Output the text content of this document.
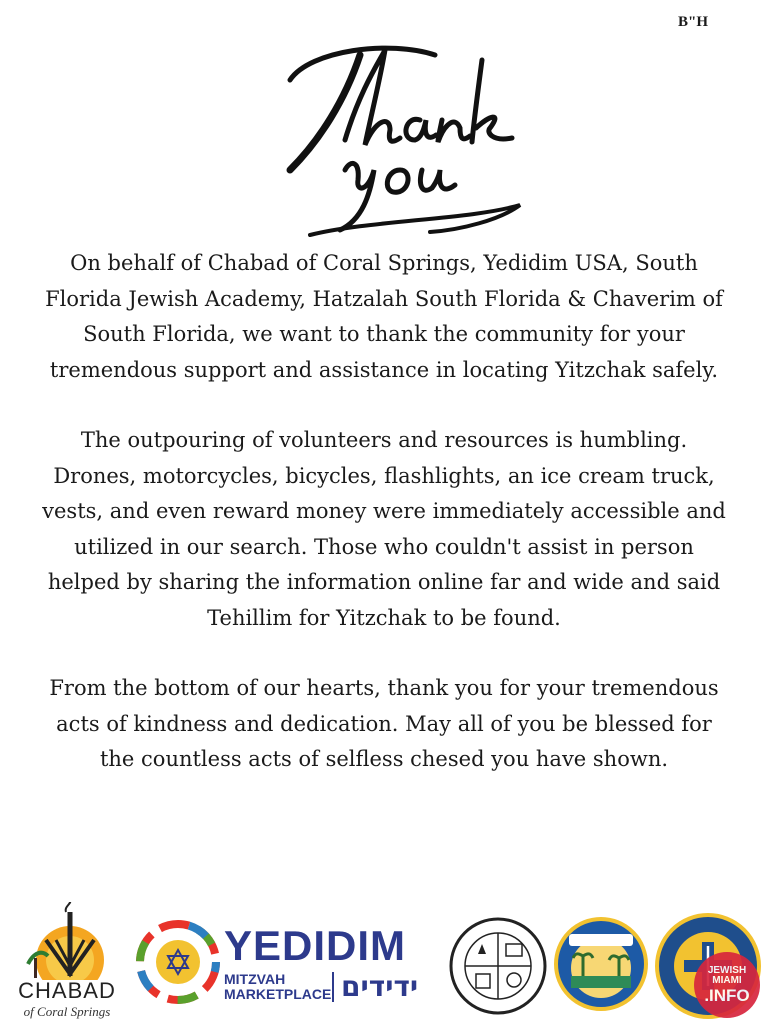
B"H

On behalf of Chabad of Coral Springs, Yedidim USA, South Florida Jewish Academy, Hatzalah South Florida & Chaverim of South Florida, we want to thank the community for your tremendous support and assistance in locating Yitzchak safely.

The outpouring of volunteers and resources is humbling. Drones, motorcycles, bicycles, flashlights, an ice cream truck, vests, and even reward money were immediately accessible and utilized in our search. Those who couldn't assist in person helped by sharing the information online far and wide and said Tehillim for Yitzchak to be found.

From the bottom of our hearts, thank you for your tremendous acts of kindness and dedication. May all of you be blessed for the countless acts of selfless chesed you have shown.

CHABAD
of Coral Springs
YEDIDIM
MITZVAH
MARKETPLACE ידידים	JEWISH MIAMI
.INFO
